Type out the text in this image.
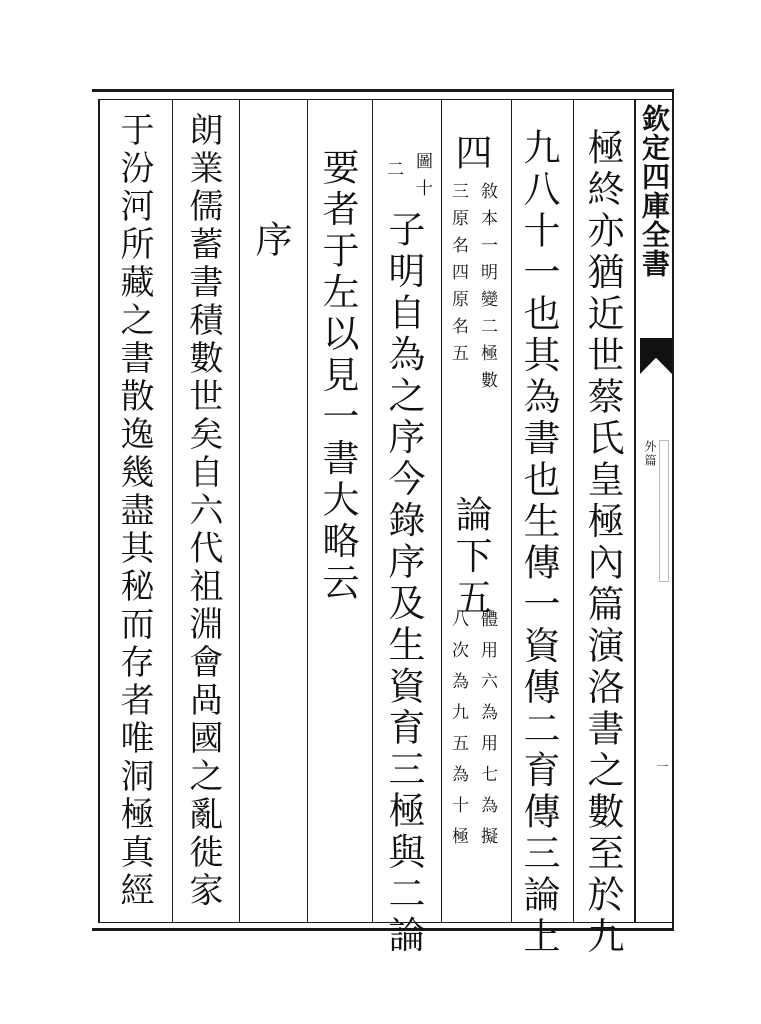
欽定四庫全書
外篇
一
極終亦猶近世蔡氏皇極內篇演洛書之數至於九
九八十一也其為書也生傳一資傳二育傳三論上
四
敘本一明變二極數
三原名四原名五
論下五
體用六為用七為擬
八次為九五為十極
圖十
二
子明自為之序今錄序及生資育三極與二論
要者于左以見一書大略云
序
朗業儒蓄書積數世矣自六代祖淵會咼國之亂徙家
于汾河所藏之書散逸幾盡其秘而存者唯洞極真經
